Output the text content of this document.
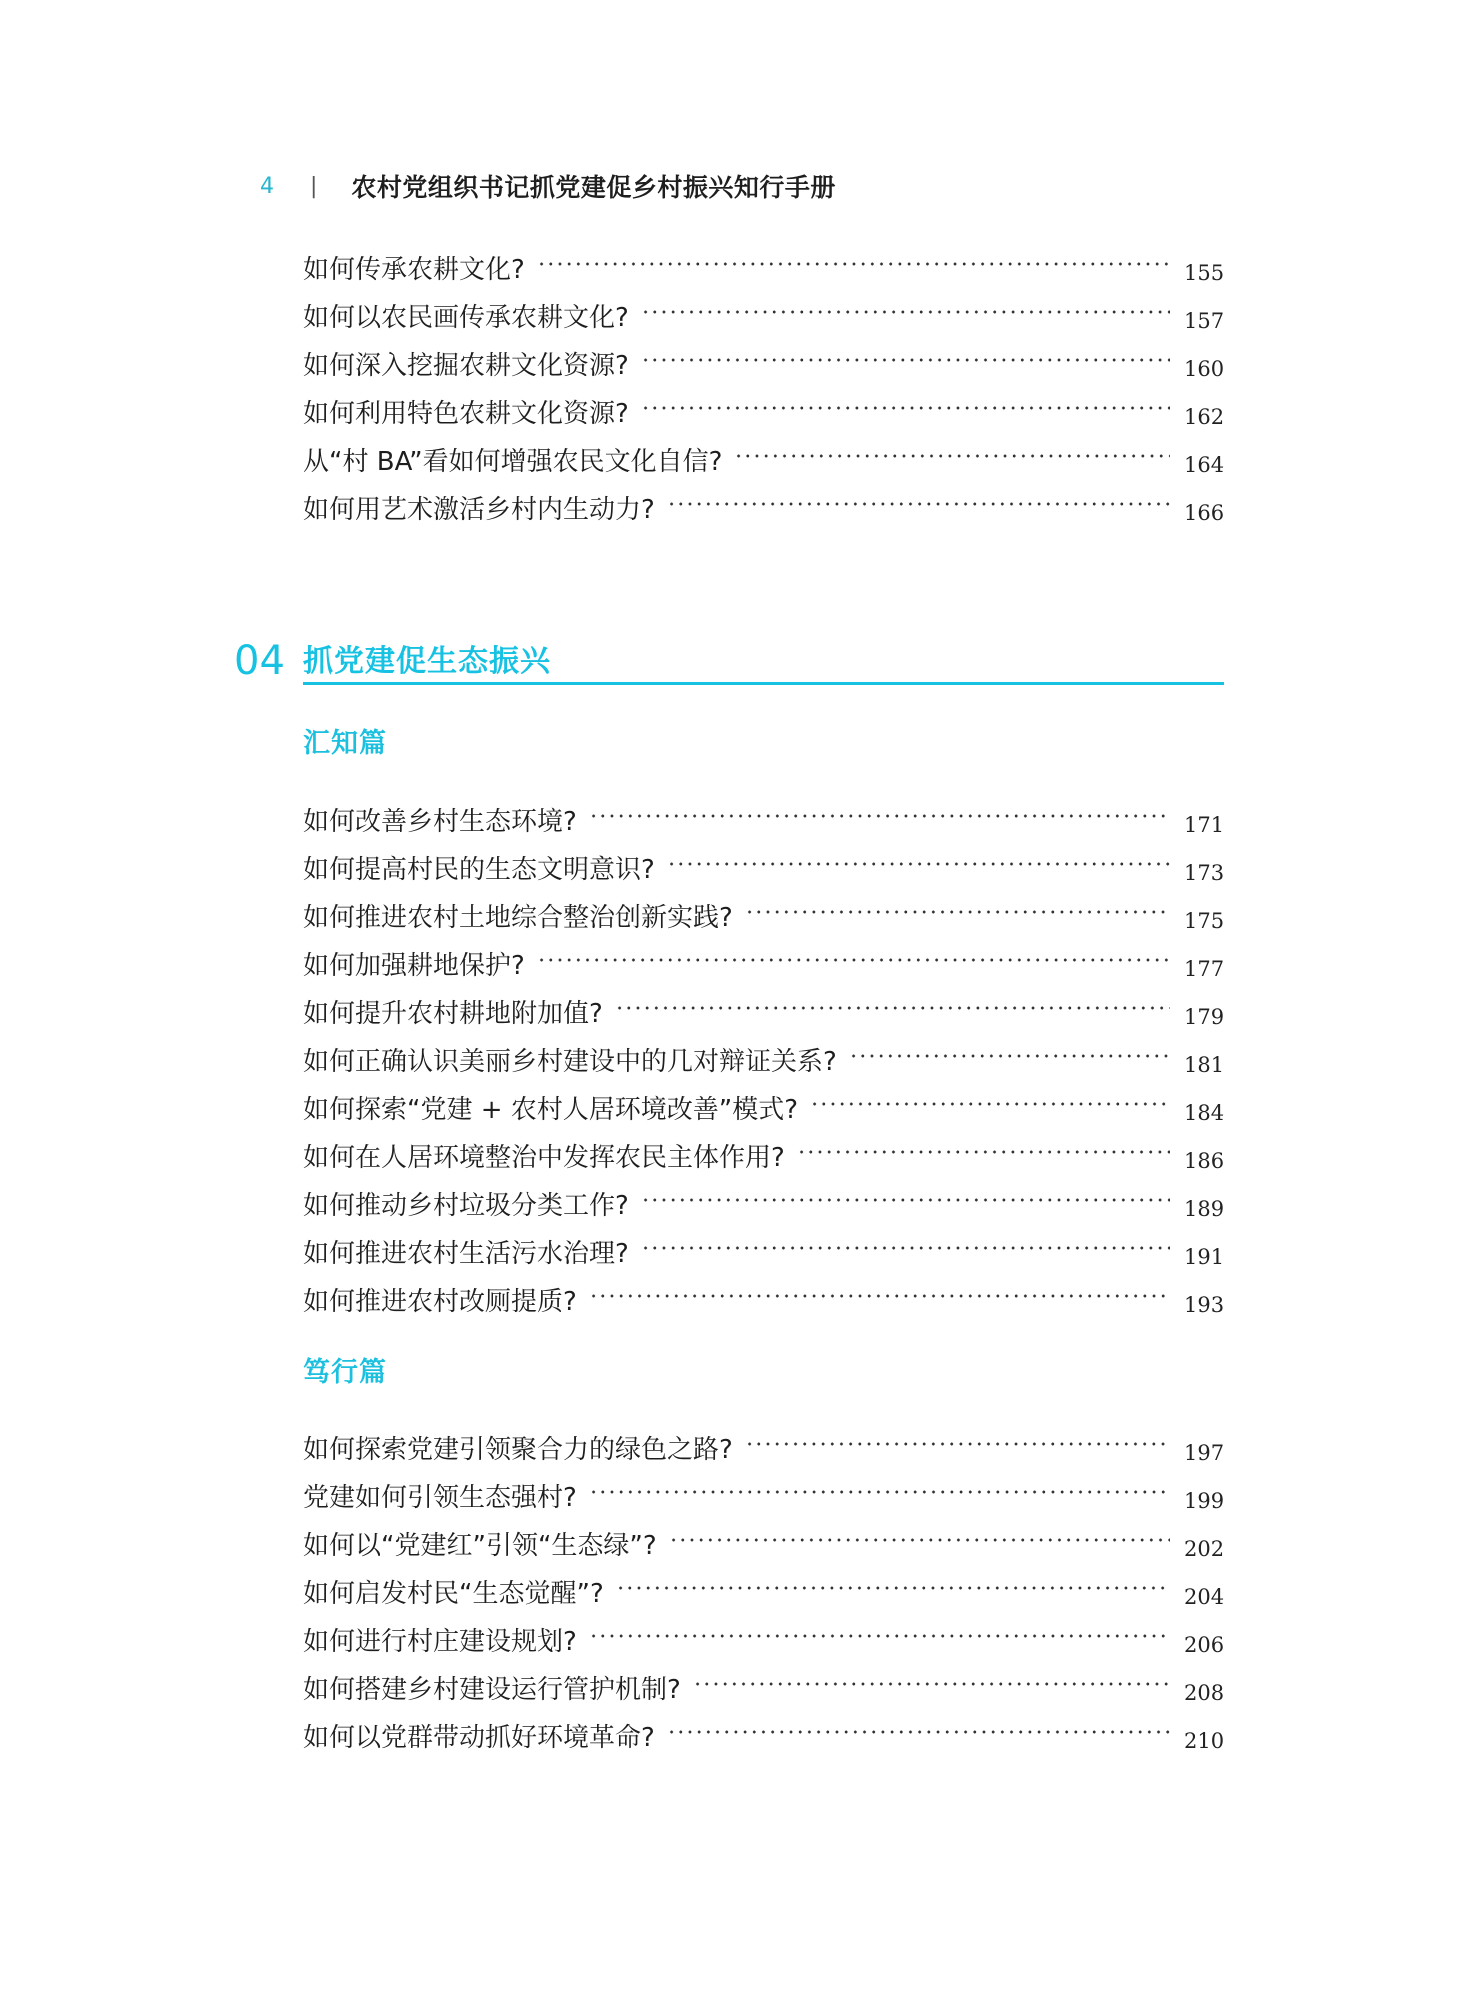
4	| 农村党组织书记抓党建促乡村振兴知行手册
如何传承农耕文化?	155
如何以农民画传承农耕文化?	157
如何深入挖掘农耕文化资源?	160
如何利用特色农耕文化资源?	162
从“村 BA”看如何增强农民文化自信?	164
如何用艺术激活乡村内生动力?	166
04 抓党建促生态振兴
汇知篇
如何改善乡村生态环境?	171
如何提高村民的生态文明意识?	173
如何推进农村土地综合整治创新实践?	175
如何加强耕地保护?	177
如何提升农村耕地附加值?	179
如何正确认识美丽乡村建设中的几对辩证关系?	181
如何探索“党建 + 农村人居环境改善”模式?	184
如何在人居环境整治中发挥农民主体作用?	186
如何推动乡村垃圾分类工作?	189
如何推进农村生活污水治理?	191
如何推进农村改厕提质?	193
笃行篇
如何探索党建引领聚合力的绿色之路?	197
党建如何引领生态强村?	199
如何以“党建红”引领“生态绿”?	202
如何启发村民“生态觉醒”?	204
如何进行村庄建设规划?	206
如何搭建乡村建设运行管护机制?	208
如何以党群带动抓好环境革命?	210
